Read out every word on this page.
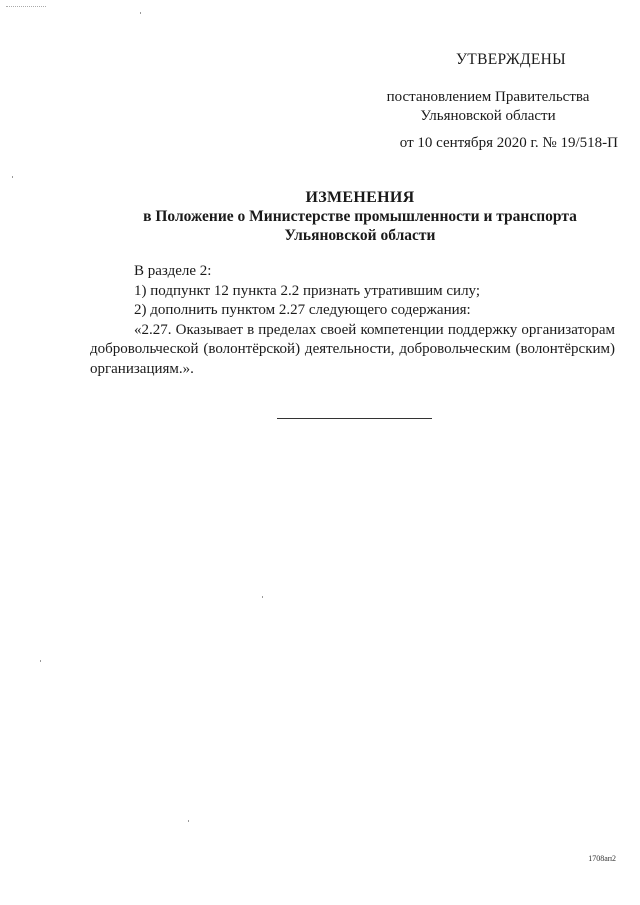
УТВЕРЖДЕНЫ
постановлением Правительства
Ульяновской области
от 10 сентября 2020 г. № 19/518-П
ИЗМЕНЕНИЯ
в Положение о Министерстве промышленности и транспорта
Ульяновской области

В разделе 2:

1) подпункт 12 пункта 2.2 признать утратившим силу;

2) дополнить пунктом 2.27 следующего содержания:

«2.27. Оказывает в пределах своей компетенции поддержку организаторам добровольческой (волонтёрской) деятельности, добровольческим (волонтёрским) организациям.».

1708ап2
